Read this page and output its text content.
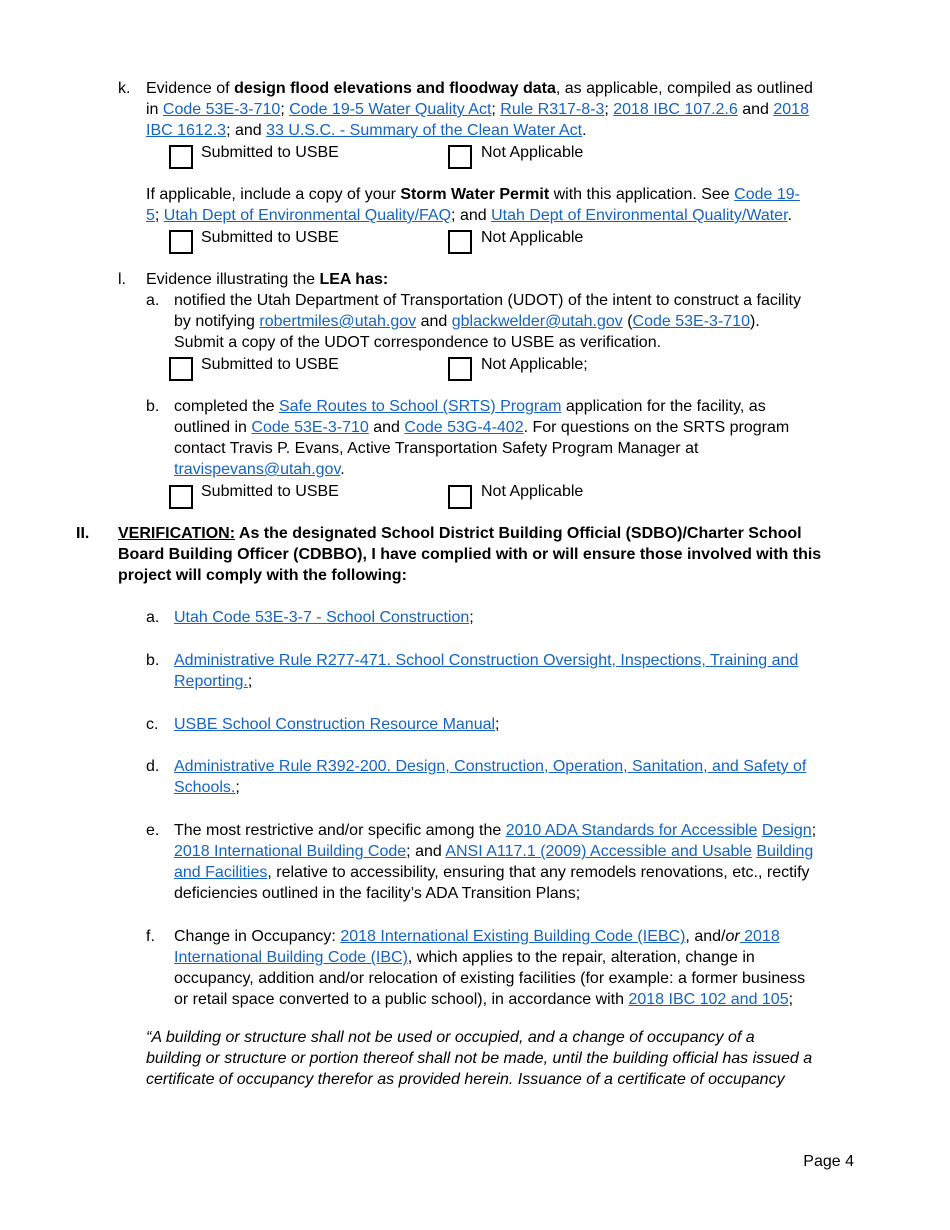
k. Evidence of design flood elevations and floodway data, as applicable, compiled as outlined
in Code 53E-3-710; Code 19-5 Water Quality Act; Rule R317-8-3; 2018 IBC 107.2.6 and 2018
IBC 1612.3; and 33 U.S.C. - Summary of the Clean Water Act.
Submitted to USBE	Not Applicable
If applicable, include a copy of your Storm Water Permit with this application. See Code 19-
5; Utah Dept of Environmental Quality/FAQ; and Utah Dept of Environmental Quality/Water.
Submitted to USBE	Not Applicable
l. Evidence illustrating the LEA has:
a. notified the Utah Department of Transportation (UDOT) of the intent to construct a facility
by notifying robertmiles@utah.gov and gblackwelder@utah.gov (Code 53E-3-710).
Submit a copy of the UDOT correspondence to USBE as verification.
Submitted to USBE	Not Applicable;
b. completed the Safe Routes to School (SRTS) Program application for the facility, as
outlined in Code 53E-3-710 and Code 53G-4-402. For questions on the SRTS program
contact Travis P. Evans, Active Transportation Safety Program Manager at
travispevans@utah.gov.
Submitted to USBE	Not Applicable
II. VERIFICATION: As the designated School District Building Official (SDBO)/Charter School
Board Building Officer (CDBBO), I have complied with or will ensure those involved with this
project will comply with the following:
a. Utah Code 53E-3-7 - School Construction;
b. Administrative Rule R277-471. School Construction Oversight, Inspections, Training and
Reporting.;
c. USBE School Construction Resource Manual;
d. Administrative Rule R392-200. Design, Construction, Operation, Sanitation, and Safety of
Schools.;
e. The most restrictive and/or specific among the 2010 ADA Standards for Accessible Design;
2018 International Building Code; and ANSI A117.1 (2009) Accessible and Usable Building
and Facilities, relative to accessibility, ensuring that any remodels renovations, etc., rectify
deficiencies outlined in the facility’s ADA Transition Plans;
f. Change in Occupancy: 2018 International Existing Building Code (IEBC), and/or 2018
International Building Code (IBC), which applies to the repair, alteration, change in
occupancy, addition and/or relocation of existing facilities (for example: a former business
or retail space converted to a public school), in accordance with 2018 IBC 102 and 105;
“A building or structure shall not be used or occupied, and a change of occupancy of a
building or structure or portion thereof shall not be made, until the building official has issued a
certificate of occupancy therefor as provided herein. Issuance of a certificate of occupancy
Page 4
